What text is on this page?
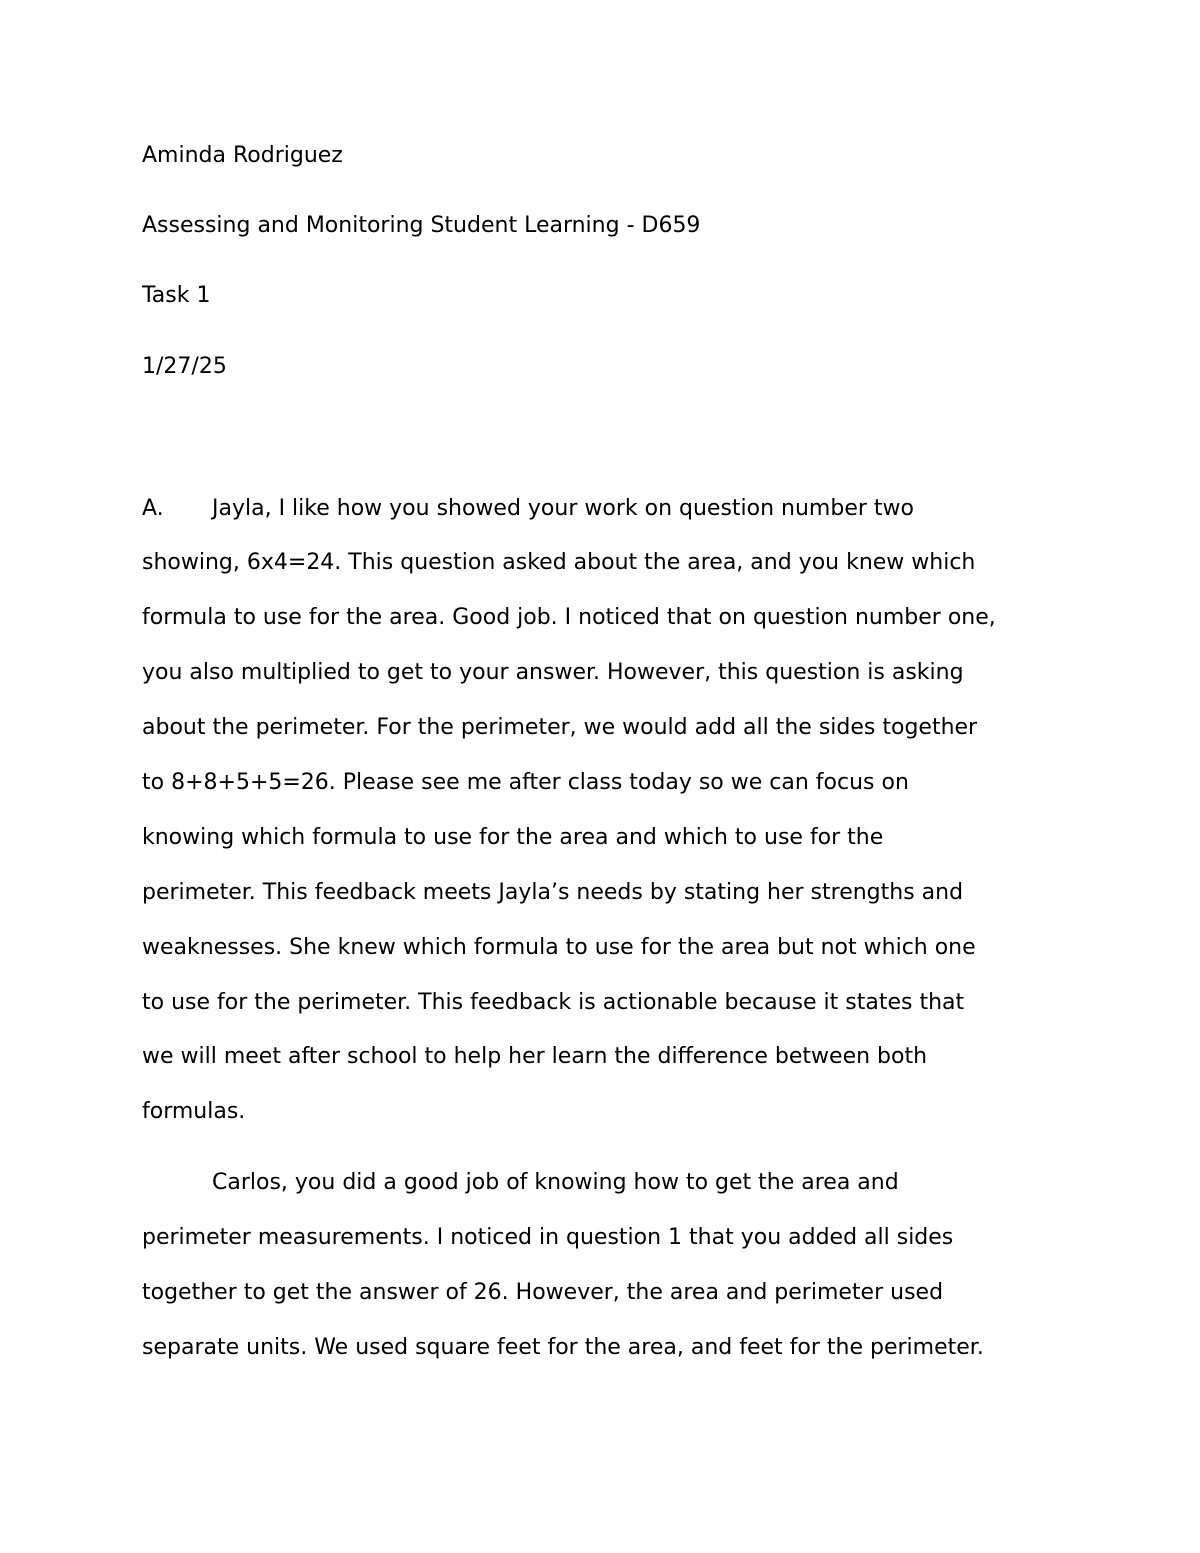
Aminda Rodriguez
Assessing and Monitoring Student Learning - D659
Task 1
1/27/25
A. Jayla, I like how you showed your work on question number two
showing, 6x4=24. This question asked about the area, and you knew which
formula to use for the area. Good job. I noticed that on question number one,
you also multiplied to get to your answer. However, this question is asking
about the perimeter. For the perimeter, we would add all the sides together
to 8+8+5+5=26. Please see me after class today so we can focus on
knowing which formula to use for the area and which to use for the
perimeter. This feedback meets Jayla’s needs by stating her strengths and
weaknesses. She knew which formula to use for the area but not which one
to use for the perimeter. This feedback is actionable because it states that
we will meet after school to help her learn the difference between both
formulas.
Carlos, you did a good job of knowing how to get the area and
perimeter measurements. I noticed in question 1 that you added all sides
together to get the answer of 26. However, the area and perimeter used
separate units. We used square feet for the area, and feet for the perimeter.
